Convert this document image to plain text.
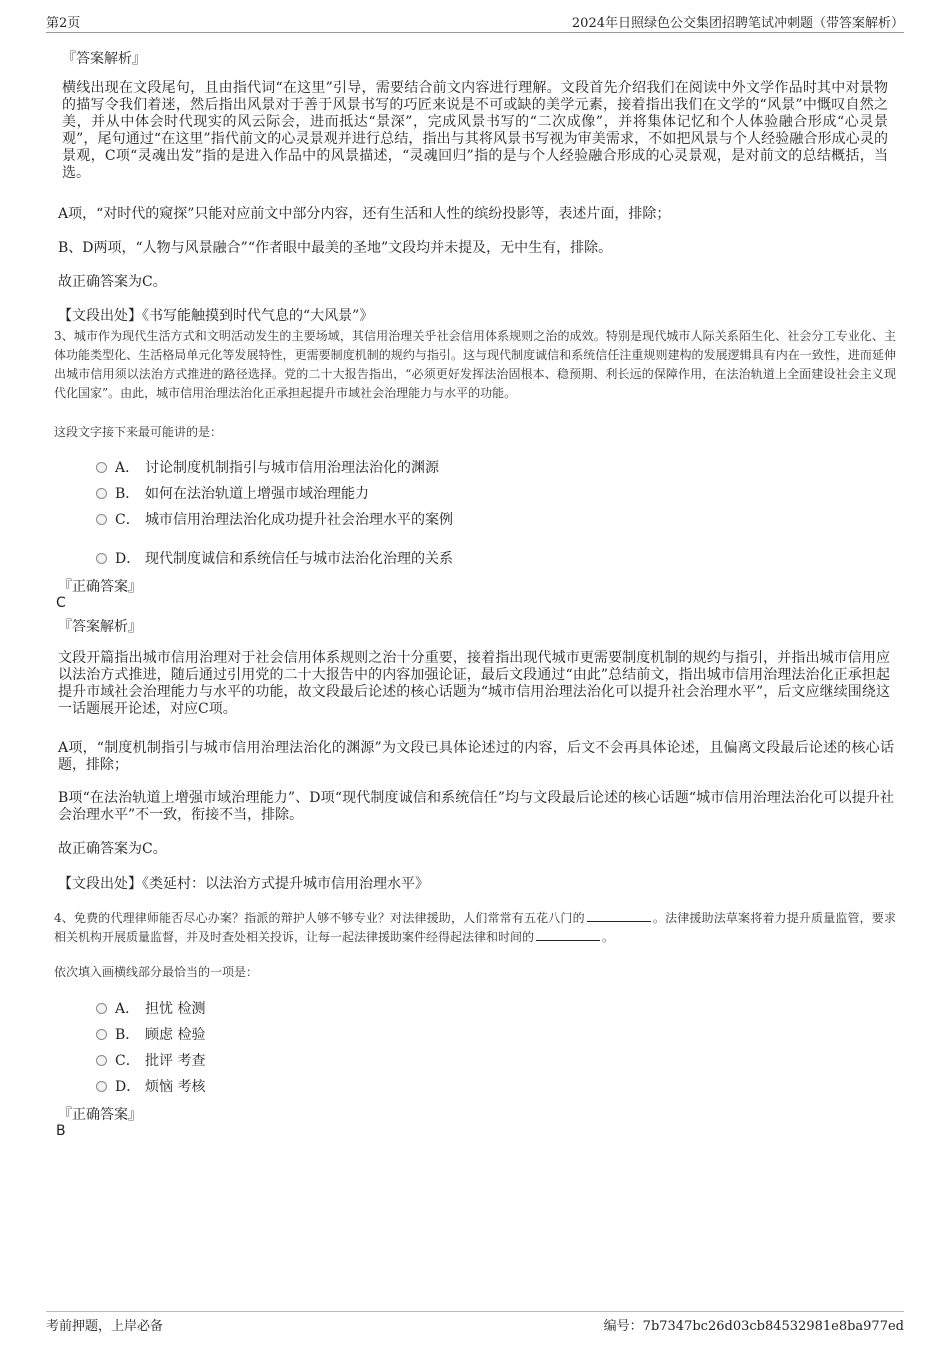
第2页	2024年日照绿色公交集团招聘笔试冲刺题（带答案解析）
『答案解析』
横线出现在文段尾句，且由指代词“在这里”引导，需要结合前文内容进行理解。文段首先介绍我们在阅读中外文学作品时其中对景物的描写令我们着迷，然后指出风景对于善于风景书写的巧匠来说是不可或缺的美学元素，接着指出我们在文学的“风景”中慨叹自然之美，并从中体会时代现实的风云际会，进而抵达“景深”，完成风景书写的“二次成像”，并将集体记忆和个人体验融合形成“心灵景观”，尾句通过“在这里”指代前文的心灵景观并进行总结，指出与其将风景书写视为审美需求，不如把风景与个人经验融合形成心灵的景观，C项“灵魂出发”指的是进入作品中的风景描述，“灵魂回归”指的是与个人经验融合形成的心灵景观，是对前文的总结概括，当选。
A项，“对时代的窥探”只能对应前文中部分内容，还有生活和人性的缤纷投影等，表述片面，排除；
B、D两项，“人物与风景融合”“作者眼中最美的圣地”文段均并未提及，无中生有，排除。
故正确答案为C。
【文段出处】《书写能触摸到时代气息的“大风景”》
3、城市作为现代生活方式和文明活动发生的主要场域，其信用治理关乎社会信用体系规则之治的成效。特别是现代城市人际关系陌生化、社会分工专业化、主体功能类型化、生活格局单元化等发展特性，更需要制度机制的规约与指引。这与现代制度诚信和系统信任注重规则建构的发展逻辑具有内在一致性，进而延伸出城市信用须以法治方式推进的路径选择。党的二十大报告指出，“必须更好发挥法治固根本、稳预期、利长远的保障作用，在法治轨道上全面建设社会主义现代化国家”。由此，城市信用治理法治化正承担起提升市域社会治理能力与水平的功能。
这段文字接下来最可能讲的是：
A． 讨论制度机制指引与城市信用治理法治化的渊源
B． 如何在法治轨道上增强市域治理能力
C． 城市信用治理法治化成功提升社会治理水平的案例
D． 现代制度诚信和系统信任与城市法治化治理的关系
『正确答案』
C
『答案解析』
文段开篇指出城市信用治理对于社会信用体系规则之治十分重要，接着指出现代城市更需要制度机制的规约与指引，并指出城市信用应以法治方式推进，随后通过引用党的二十大报告中的内容加强论证，最后文段通过“由此”总结前文，指出城市信用治理法治化正承担起提升市域社会治理能力与水平的功能，故文段最后论述的核心话题为“城市信用治理法治化可以提升社会治理水平”，后文应继续围绕这一话题展开论述，对应C项。
A项，“制度机制指引与城市信用治理法治化的渊源”为文段已具体论述过的内容，后文不会再具体论述，且偏离文段最后论述的核心话题，排除；
B项“在法治轨道上增强市域治理能力”、D项“现代制度诚信和系统信任”均与文段最后论述的核心话题“城市信用治理法治化可以提升社会治理水平”不一致，衔接不当，排除。
故正确答案为C。
【文段出处】《类延村：以法治方式提升城市信用治理水平》
4、免费的代理律师能否尽心办案？指派的辩护人够不够专业？对法律援助，人们常常有五花八门的	。法律援助法草案将着力提升质量监管，要求相关机构开展质量监督，并及时查处相关投诉，让每一起法律援助案件经得起法律和时间的	。
依次填入画横线部分最恰当的一项是：
A． 担忧 检测
B． 顾虑 检验
C． 批评 考查
D． 烦恼 考核
『正确答案』
B
考前押题，上岸必备	编号：7b7347bc26d03cb84532981e8ba977ed
